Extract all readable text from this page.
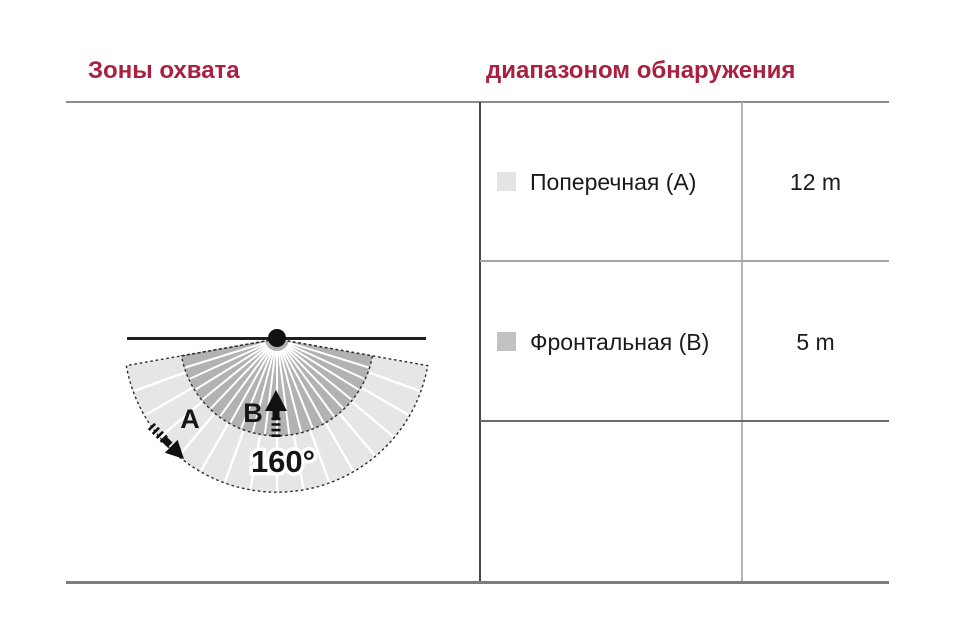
Зоны охвата	диапазоном обнаружения
A B
160°
Поперечная (A)	12 m
Фронтальная (B)	5 m
